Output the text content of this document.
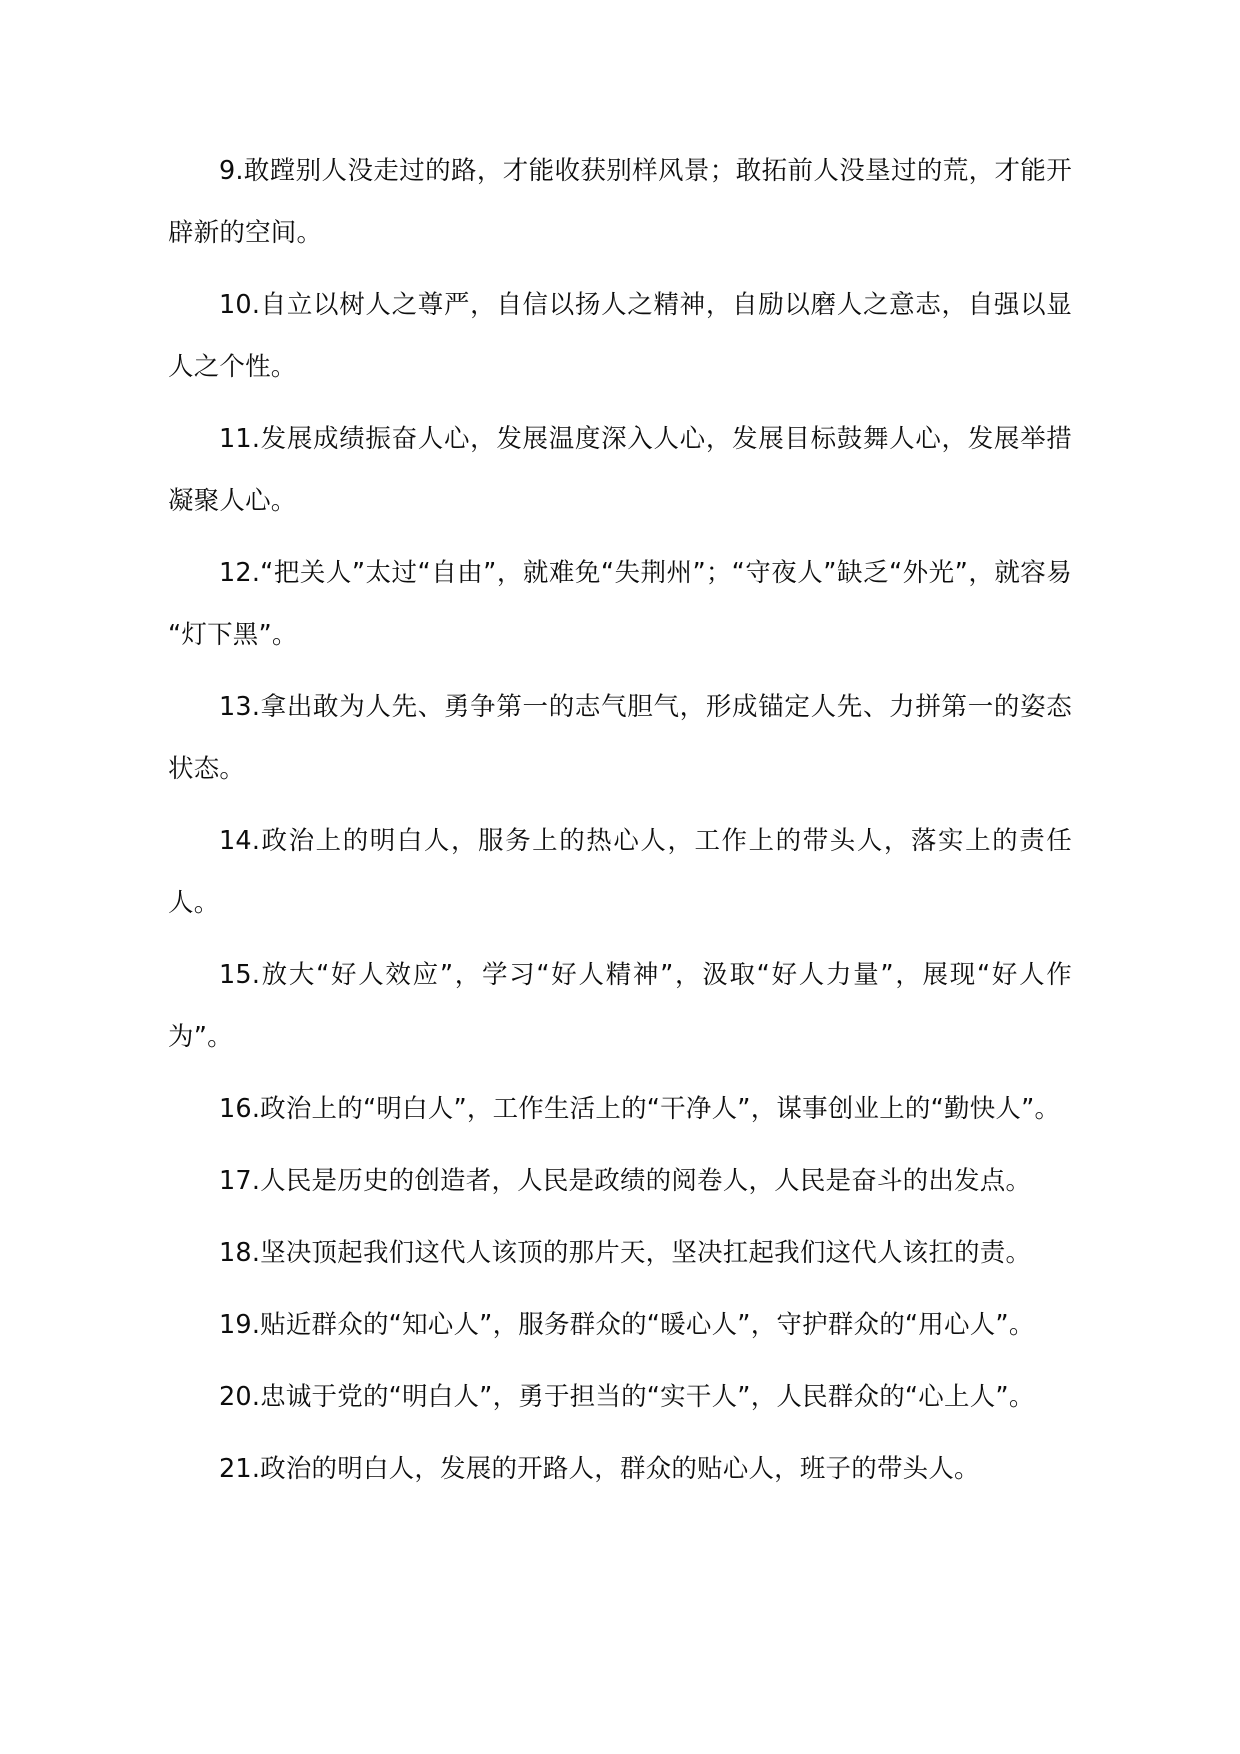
9.敢蹚别人没走过的路，才能收获别样风景；敢拓前人没垦过的荒，才能开辟新的空间。

10.自立以树人之尊严，自信以扬人之精神，自励以磨人之意志，自强以显人之个性。

11.发展成绩振奋人心，发展温度深入人心，发展目标鼓舞人心，发展举措凝聚人心。

12.“把关人”太过“自由”，就难免“失荆州”；“守夜人”缺乏“外光”，就容易“灯下黑”。

13.拿出敢为人先、勇争第一的志气胆气，形成锚定人先、力拼第一的姿态状态。

14.政治上的明白人，服务上的热心人，工作上的带头人，落实上的责任人。

15.放大“好人效应”，学习“好人精神”，汲取“好人力量”，展现“好人作为”。

16.政治上的“明白人”，工作生活上的“干净人”，谋事创业上的“勤快人”。

17.人民是历史的创造者，人民是政绩的阅卷人，人民是奋斗的出发点。

18.坚决顶起我们这代人该顶的那片天，坚决扛起我们这代人该扛的责。

19.贴近群众的“知心人”，服务群众的“暖心人”，守护群众的“用心人”。

20.忠诚于党的“明白人”，勇于担当的“实干人”，人民群众的“心上人”。

21.政治的明白人，发展的开路人，群众的贴心人，班子的带头人。
